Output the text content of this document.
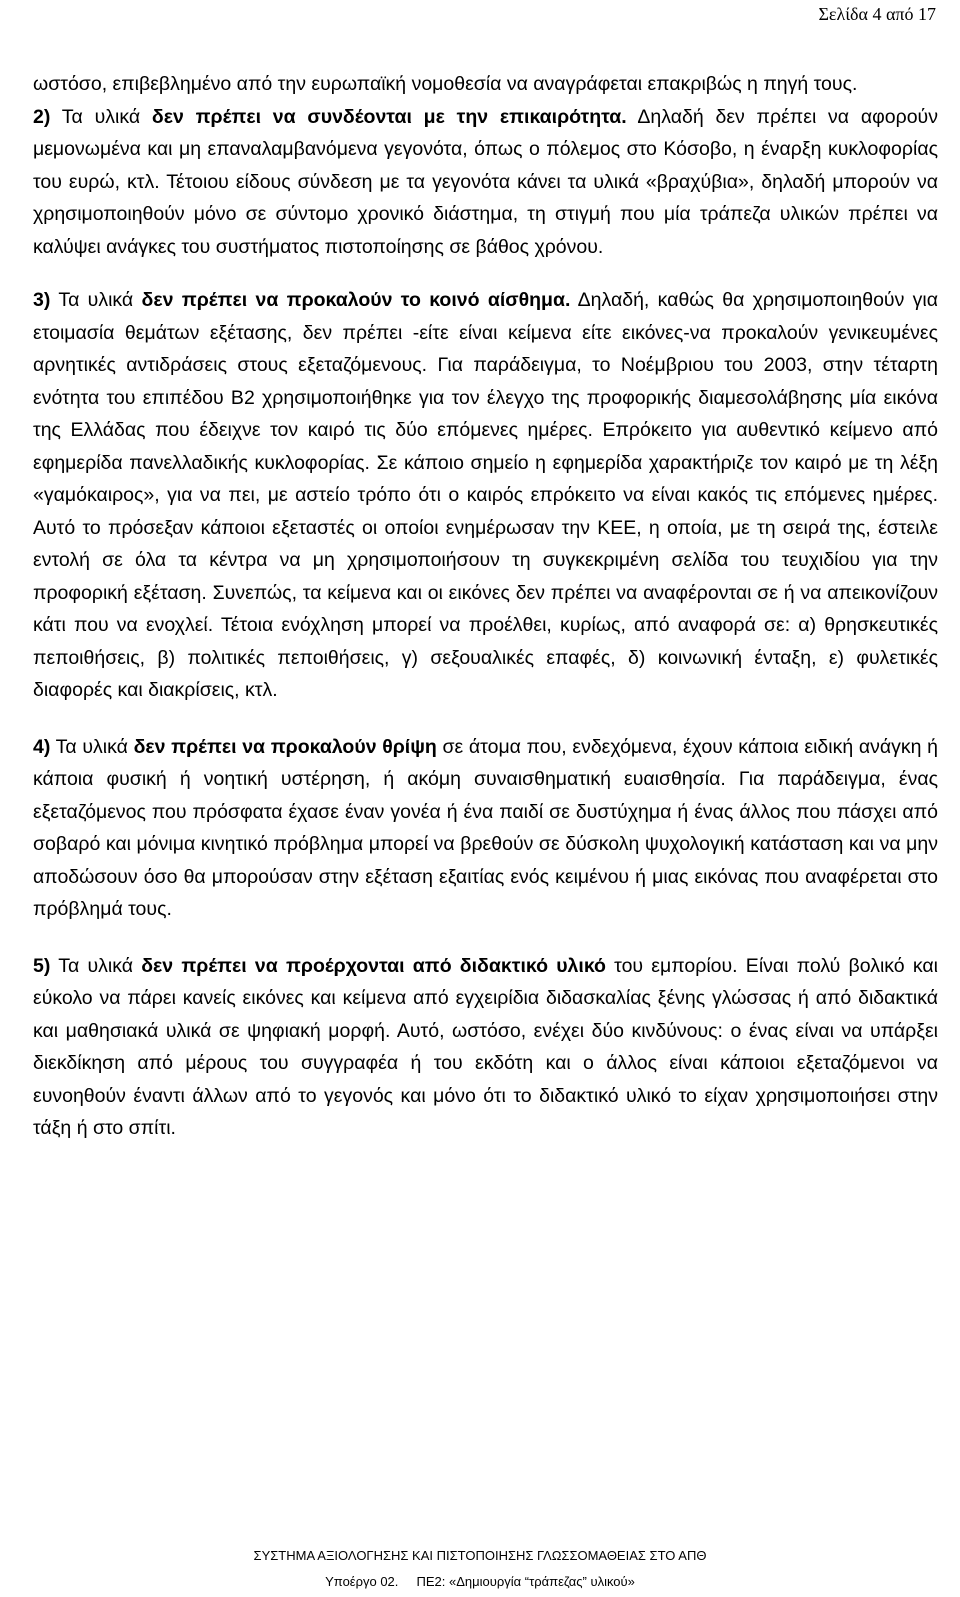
Σελίδα 4 από 17

ωστόσο, επιβεβλημένο από την ευρωπαϊκή νομοθεσία να αναγράφεται επακριβώς η πηγή τους.

2) Τα υλικά δεν πρέπει να συνδέονται με την επικαιρότητα. Δηλαδή δεν πρέπει να αφορούν μεμονωμένα και μη επαναλαμβανόμενα γεγονότα, όπως ο πόλεμος στο Κόσοβο, η έναρξη κυκλοφορίας του ευρώ, κτλ. Τέτοιου είδους σύνδεση με τα γεγονότα κάνει τα υλικά «βραχύβια», δηλαδή μπορούν να χρησιμοποιηθούν μόνο σε σύντομο χρονικό διάστημα, τη στιγμή που μία τράπεζα υλικών πρέπει να καλύψει ανάγκες του συστήματος πιστοποίησης σε βάθος χρόνου.

3) Τα υλικά δεν πρέπει να προκαλούν το κοινό αίσθημα. Δηλαδή, καθώς θα χρησιμοποιηθούν για ετοιμασία θεμάτων εξέτασης, δεν πρέπει -είτε είναι κείμενα είτε εικόνες-να προκαλούν γενικευμένες αρνητικές αντιδράσεις στους εξεταζόμενους. Για παράδειγμα, το Νοέμβριου του 2003, στην τέταρτη ενότητα του επιπέδου Β2 χρησιμοποιήθηκε για τον έλεγχο της προφορικής διαμεσολάβησης μία εικόνα της Ελλάδας που έδειχνε τον καιρό τις δύο επόμενες ημέρες. Επρόκειτο για αυθεντικό κείμενο από εφημερίδα πανελλαδικής κυκλοφορίας. Σε κάποιο σημείο η εφημερίδα χαρακτήριζε τον καιρό με τη λέξη «γαμόκαιρος», για να πει, με αστείο τρόπο ότι ο καιρός επρόκειτο να είναι κακός τις επόμενες ημέρες. Αυτό το πρόσεξαν κάποιοι εξεταστές οι οποίοι ενημέρωσαν την ΚΕΕ, η οποία, με τη σειρά της, έστειλε εντολή σε όλα τα κέντρα να μη χρησιμοποιήσουν τη συγκεκριμένη σελίδα του τευχιδίου για την προφορική εξέταση. Συνεπώς, τα κείμενα και οι εικόνες δεν πρέπει να αναφέρονται σε ή να απεικονίζουν κάτι που να ενοχλεί. Τέτοια ενόχληση μπορεί να προέλθει, κυρίως, από αναφορά σε: α) θρησκευτικές πεποιθήσεις, β) πολιτικές πεποιθήσεις, γ) σεξουαλικές επαφές, δ) κοινωνική ένταξη, ε) φυλετικές διαφορές και διακρίσεις, κτλ.

4) Τα υλικά δεν πρέπει να προκαλούν θρίψη σε άτομα που, ενδεχόμενα, έχουν κάποια ειδική ανάγκη ή κάποια φυσική ή νοητική υστέρηση, ή ακόμη συναισθηματική ευαισθησία. Για παράδειγμα, ένας εξεταζόμενος που πρόσφατα έχασε έναν γονέα ή ένα παιδί σε δυστύχημα ή ένας άλλος που πάσχει από σοβαρό και μόνιμα κινητικό πρόβλημα μπορεί να βρεθούν σε δύσκολη ψυχολογική κατάσταση και να μην αποδώσουν όσο θα μπορούσαν στην εξέταση εξαιτίας ενός κειμένου ή μιας εικόνας που αναφέρεται στο πρόβλημά τους.

5) Τα υλικά δεν πρέπει να προέρχονται από διδακτικό υλικό του εμπορίου. Είναι πολύ βολικό και εύκολο να πάρει κανείς εικόνες και κείμενα από εγχειρίδια διδασκαλίας ξένης γλώσσας ή από διδακτικά και μαθησιακά υλικά σε ψηφιακή μορφή. Αυτό, ωστόσο, ενέχει δύο κινδύνους: ο ένας είναι να υπάρξει διεκδίκηση από μέρους του συγγραφέα ή του εκδότη και ο άλλος είναι κάποιοι εξεταζόμενοι να ευνοηθούν έναντι άλλων από το γεγονός και μόνο ότι το διδακτικό υλικό το είχαν χρησιμοποιήσει στην τάξη ή στο σπίτι.

ΣΥΣΤΗΜΑ ΑΞΙΟΛΟΓΗΣΗΣ ΚΑΙ ΠΙΣΤΟΠΟΙΗΣΗΣ ΓΛΩΣΣΟΜΑΘΕΙΑΣ ΣΤΟ ΑΠΘ
Υποέργο 02.     ΠΕ2: «Δημιουργία “τράπεζας” υλικού»
